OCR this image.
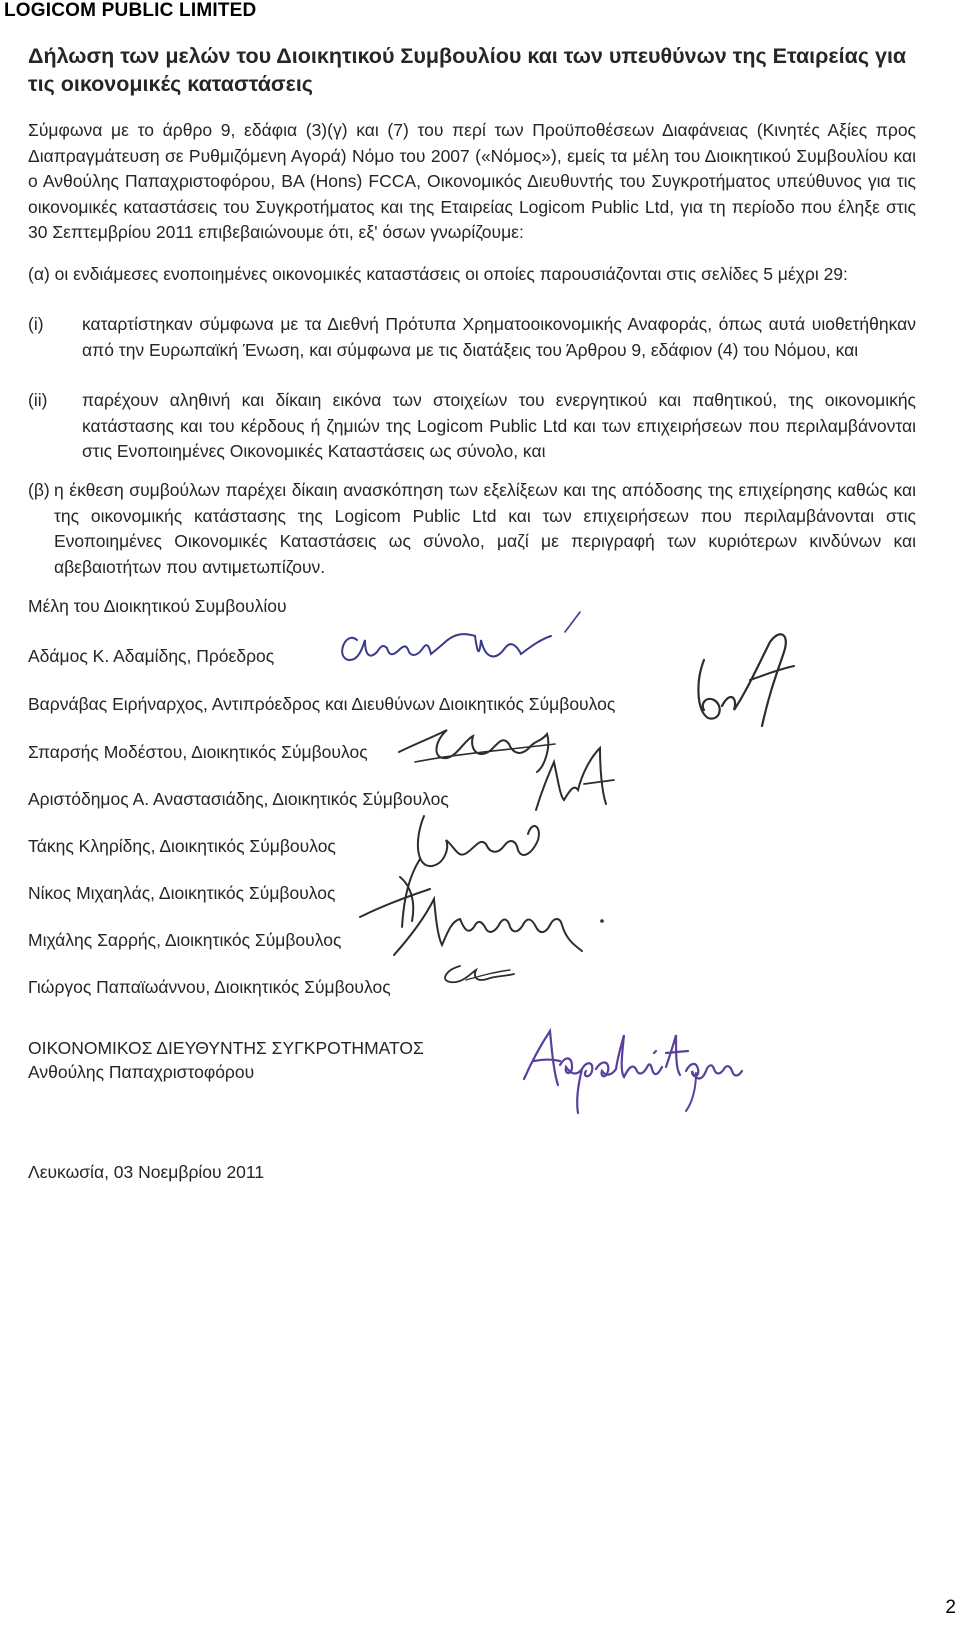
LOGICOM PUBLIC LIMITED
Δήλωση των μελών του Διοικητικού Συμβουλίου και των υπευθύνων της Εταιρείας για τις οικονομικές καταστάσεις
Σύμφωνα με το άρθρο 9, εδάφια (3)(γ) και (7) του περί των Προϋποθέσεων Διαφάνειας (Κινητές Αξίες προς Διαπραγμάτευση σε Ρυθμιζόμενη Αγορά) Νόμο του 2007 («Νόμος»), εμείς τα μέλη του Διοικητικού Συμβουλίου και ο Ανθούλης Παπαχριστοφόρου, BA (Hons) FCCA, Οικονομικός Διευθυντής του Συγκροτήματος υπεύθυνος για τις οικονομικές καταστάσεις του Συγκροτήματος και της Εταιρείας Logicom Public Ltd, για τη περίοδο που έληξε στις 30 Σεπτεμβρίου 2011 επιβεβαιώνουμε ότι, εξ' όσων γνωρίζουμε:
(α) οι ενδιάμεσες ενοποιημένες οικονομικές καταστάσεις οι οποίες παρουσιάζονται στις σελίδες 5 μέχρι 29:
(i) καταρτίστηκαν σύμφωνα με τα Διεθνή Πρότυπα Χρηματοοικονομικής Αναφοράς, όπως αυτά υιοθετήθηκαν από την Ευρωπαϊκή Ένωση, και σύμφωνα με τις διατάξεις του Άρθρου 9, εδάφιον (4) του Νόμου, και
(ii) παρέχουν αληθινή και δίκαιη εικόνα των στοιχείων του ενεργητικού και παθητικού, της οικονομικής κατάστασης και του κέρδους ή ζημιών της Logicom Public Ltd και των επιχειρήσεων που περιλαμβάνονται στις Ενοποιημένες Οικονομικές Καταστάσεις ως σύνολο, και
(β) η έκθεση συμβούλων παρέχει δίκαιη ανασκόπηση των εξελίξεων και της απόδοσης της επιχείρησης καθώς και της οικονομικής κατάστασης της Logicom Public Ltd και των επιχειρήσεων που περιλαμβάνονται στις Ενοποιημένες Οικονομικές Καταστάσεις ως σύνολο, μαζί με περιγραφή των κυριότερων κινδύνων και αβεβαιοτήτων που αντιμετωπίζουν.
Μέλη του Διοικητικού Συμβουλίου
Αδάμος Κ. Αδαμίδης, Πρόεδρος
Βαρνάβας Ειρήναρχος, Αντιπρόεδρος και Διευθύνων Διοικητικός Σύμβουλος
Σπαρσής Μοδέστου, Διοικητικός Σύμβουλος
Αριστόδημος Α. Αναστασιάδης, Διοικητικός Σύμβουλος
Τάκης Κληρίδης, Διοικητικός Σύμβουλος
Νίκος Μιχαηλάς, Διοικητικός Σύμβουλος
Μιχάλης Σαρρής, Διοικητικός Σύμβουλος
Γιώργος Παπαϊωάννου, Διοικητικός Σύμβουλος
ΟΙΚΟΝΟΜΙΚΟΣ ΔΙΕΥΘΥΝΤΗΣ ΣΥΓΚΡΟΤΗΜΑΤΟΣ
Ανθούλης Παπαχριστοφόρου
Λευκωσία, 03 Νοεμβρίου 2011
2
